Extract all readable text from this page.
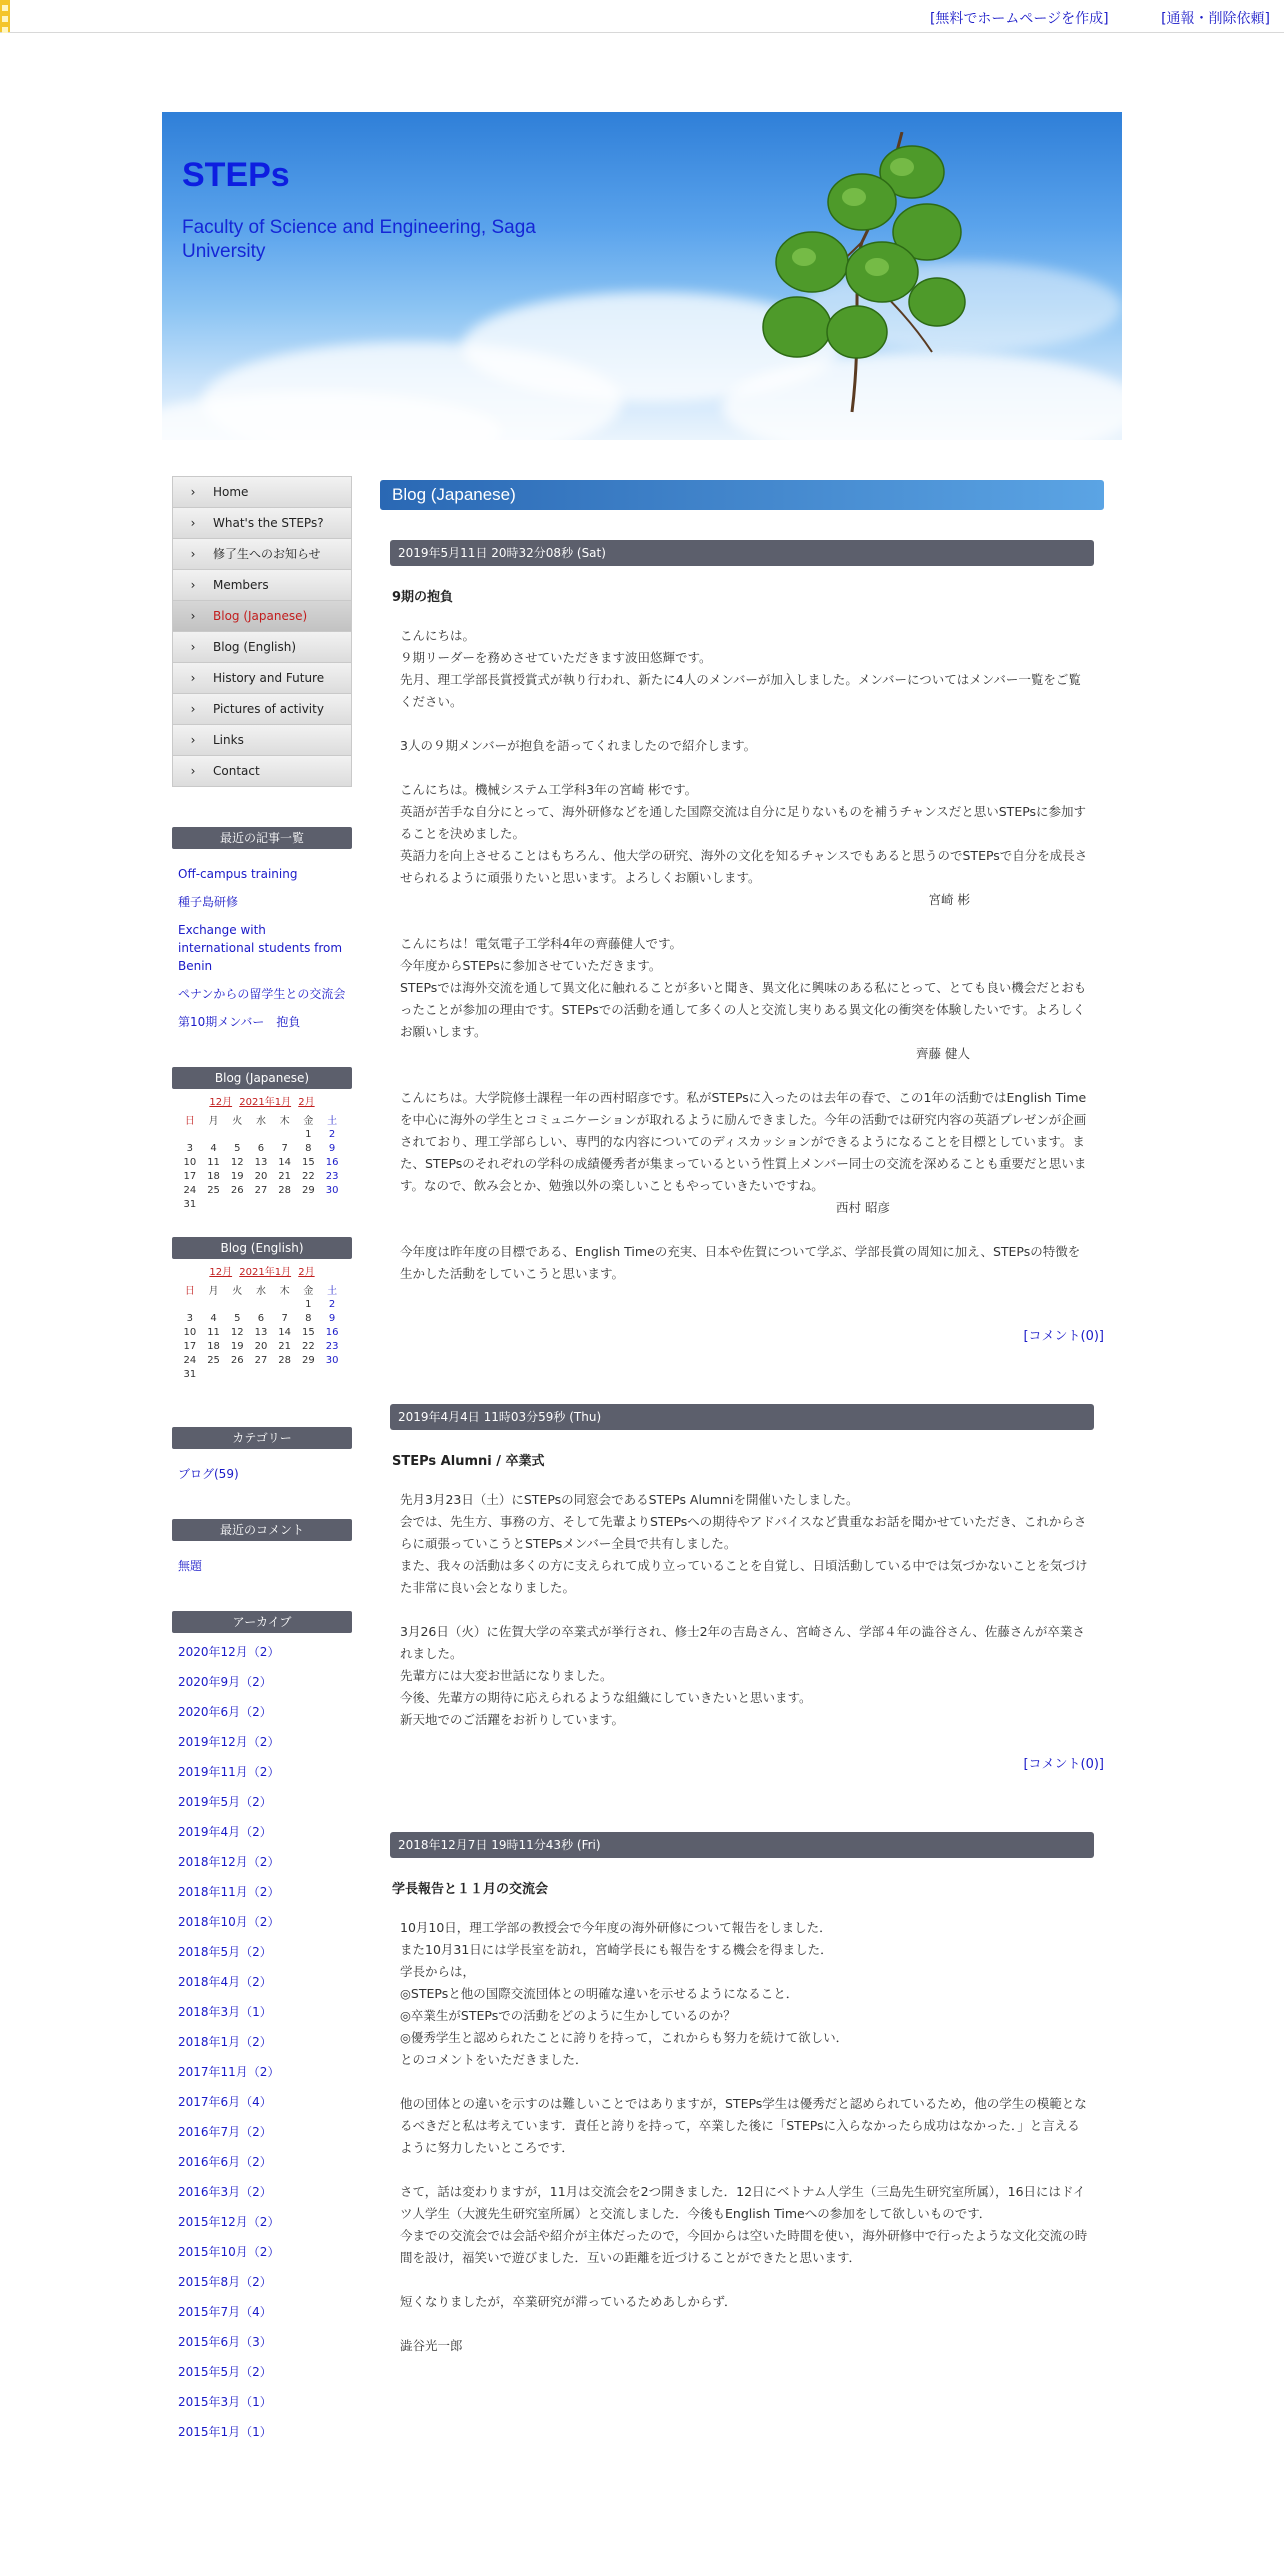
[無料でホームページを作成]	[通報・削除依頼]
STEPs
Faculty of Science and Engineering, Saga University
›	Home
›	What's the STEPs?
›	修了生へのお知らせ
›	Members
›	Blog (Japanese)
›	Blog (English)
›	History and Future
›	Pictures of activity
›	Links
›	Contact
最近の記事一覧
Off-campus training
種子島研修
Exchange with international students from Benin
ペナンからの留学生との交流会
第10期メンバー　抱負
Blog (Japanese)
12月 2021年1月 2月
日	月	火	水	木	金	土
					1	2
3	4	5	6	7	8	9
10	11	12	13	14	15	16
17	18	19	20	21	22	23
24	25	26	27	28	29	30
31						
Blog (English)
12月 2021年1月 2月
日	月	火	水	木	金	土
					1	2
3	4	5	6	7	8	9
10	11	12	13	14	15	16
17	18	19	20	21	22	23
24	25	26	27	28	29	30
31						
カテゴリー
ブログ(59)
最近のコメント
無題
アーカイブ
2020年12月（2）
2020年9月（2）
2020年6月（2）
2019年12月（2）
2019年11月（2）
2019年5月（2）
2019年4月（2）
2018年12月（2）
2018年11月（2）
2018年10月（2）
2018年5月（2）
2018年4月（2）
2018年3月（1）
2018年1月（2）
2017年11月（2）
2017年6月（4）
2016年7月（2）
2016年6月（2）
2016年3月（2）
2015年12月（2）
2015年10月（2）
2015年8月（2）
2015年7月（4）
2015年6月（3）
2015年5月（2）
2015年3月（1）
2015年1月（1）
Blog (Japanese)
2019年5月11日 20時32分08秒 (Sat)
9期の抱負

こんにちは。
９期リーダーを務めさせていただきます波田悠輝です。
先月、理工学部長賞授賞式が執り行われ、新たに4人のメンバーが加入しました。メンバーについてはメンバー一覧をご覧ください。

3人の９期メンバーが抱負を語ってくれましたので紹介します。

こんにちは。機械システム工学科3年の宮崎 彬です。
英語が苦手な自分にとって、海外研修などを通した国際交流は自分に足りないものを補うチャンスだと思いSTEPsに参加することを決めました。
英語力を向上させることはもちろん、他大学の研究、海外の文化を知るチャンスでもあると思うのでSTEPsで自分を成長させられるように頑張りたいと思います。よろしくお願いします。
宮崎 彬

こんにちは！電気電子工学科4年の齊藤健人です。
今年度からSTEPsに参加させていただきます。
STEPsでは海外交流を通して異文化に触れることが多いと聞き、異文化に興味のある私にとって、とても良い機会だとおもったことが参加の理由です。STEPsでの活動を通して多くの人と交流し実りある異文化の衝突を体験したいです。よろしくお願いします。
齊藤 健人

こんにちは。大学院修士課程一年の西村昭彦です。私がSTEPsに入ったのは去年の春で、この1年の活動ではEnglish Timeを中心に海外の学生とコミュニケーションが取れるように励んできました。今年の活動では研究内容の英語プレゼンが企画されており、理工学部らしい、専門的な内容についてのディスカッションができるようになることを目標としています。また、STEPsのそれぞれの学科の成績優秀者が集まっているという性質上メンバー同士の交流を深めることも重要だと思います。なので、飲み会とか、勉強以外の楽しいこともやっていきたいですね。
西村 昭彦

今年度は昨年度の目標である、English Timeの充実、日本や佐賀について学ぶ、学部長賞の周知に加え、STEPsの特徴を生かした活動をしていこうと思います。

[コメント(0)]
2019年4月4日 11時03分59秒 (Thu)
STEPs Alumni / 卒業式

先月3月23日（土）にSTEPsの同窓会であるSTEPs Alumniを開催いたしました。
会では、先生方、事務の方、そして先輩よりSTEPsへの期待やアドバイスなど貴重なお話を聞かせていただき、これからさらに頑張っていこうとSTEPsメンバー全員で共有しました。
また、我々の活動は多くの方に支えられて成り立っていることを自覚し、日頃活動している中では気づかないことを気づけた非常に良い会となりました。

3月26日（火）に佐賀大学の卒業式が挙行され、修士2年の吉島さん、宮崎さん、学部４年の澁谷さん、佐藤さんが卒業されました。
先輩方には大変お世話になりました。
今後、先輩方の期待に応えられるような組織にしていきたいと思います。
新天地でのご活躍をお祈りしています。

[コメント(0)]
2018年12月7日 19時11分43秒 (Fri)
学長報告と１１月の交流会

10月10日，理工学部の教授会で今年度の海外研修について報告をしました．
また10月31日には学長室を訪れ，宮崎学長にも報告をする機会を得ました．
学長からは，
◎STEPsと他の国際交流団体との明確な違いを示せるようになること．
◎卒業生がSTEPsでの活動をどのように生かしているのか？
◎優秀学生と認められたことに誇りを持って，これからも努力を続けて欲しい．
とのコメントをいただきました．

他の団体との違いを示すのは難しいことではありますが，STEPs学生は優秀だと認められているため，他の学生の模範となるべきだと私は考えています．責任と誇りを持って，卒業した後に「STEPsに入らなかったら成功はなかった．」と言えるように努力したいところです．

さて，話は変わりますが，11月は交流会を2つ開きました．12日にベトナム人学生（三島先生研究室所属），16日にはドイツ人学生（大渡先生研究室所属）と交流しました．今後もEnglish Timeへの参加をして欲しいものです．
今までの交流会では会話や紹介が主体だったので，今回からは空いた時間を使い，海外研修中で行ったような文化交流の時間を設け，福笑いで遊びました．互いの距離を近づけることができたと思います．

短くなりましたが，卒業研究が滞っているためあしからず．

澁谷光一郎
